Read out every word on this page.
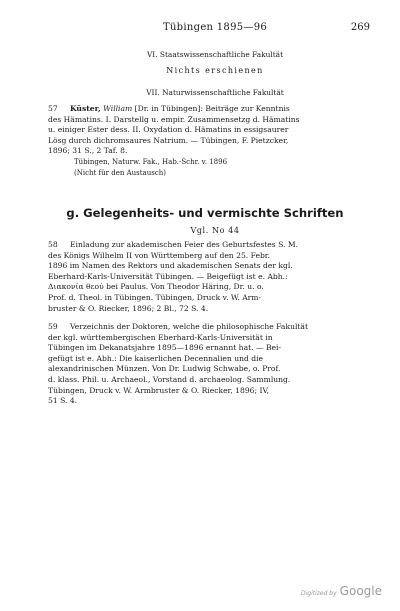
Tübingen 1895—96	269
VI. Staatswissenschaftliche Fakultät
Nichts erschienen
VII. Naturwissenschaftliche Fakultät
57	Küster, William [Dr. in Tübingen]: Beiträge zur Kenntnis
des Hämatins. I. Darstellg u. empir. Zusammensetzg d. Hämatins
u. einiger Ester dess. II. Oxydation d. Hämatins in essigsaurer
Lösg durch dichromsaures Natrium. — Tübingen, F. Pietzcker,
1896; 31 S., 2 Taf. 8.
Tübingen, Naturw. Fak., Hab.-Schr. v. 1896
(Nicht für den Austausch)
g. Gelegenheits- und vermischte Schriften
Vgl. No 44
58	Einladung zur akademischen Feier des Geburtsfestes S. M.
des Königs Wilhelm II von Württemberg auf den 25. Febr.
1896 im Namen des Rektors und akademischen Senats der kgl.
Eberhard-Karls-Universität Tübingen. — Beigefügt ist e. Abh.:
Διακονία θεού bei Paulus. Von Theodor Häring, Dr. u. o.
Prof. d. Theol. in Tübingen. Tübingen, Druck v. W. Arm-
bruster & O. Riecker, 1896; 2 Bl., 72 S. 4.
59	Verzeichnis der Doktoren, welche die philosophische Fakultät
der kgl. württembergischen Eberhard-Karls-Universität in
Tübingen im Dekanatsjahre 1895—1896 ernannt hat. — Bei-
gefügt ist e. Abh.: Die kaiserlichen Decennalien und die
alexandrinischen Münzen. Von Dr. Ludwig Schwabe, o. Prof.
d. klass. Phil. u. Archaeol., Vorstand d. archaeolog. Sammlung.
Tübingen, Druck v. W. Armbruster & O. Riecker, 1896; IV,
51 S. 4.
Digitized by Google
